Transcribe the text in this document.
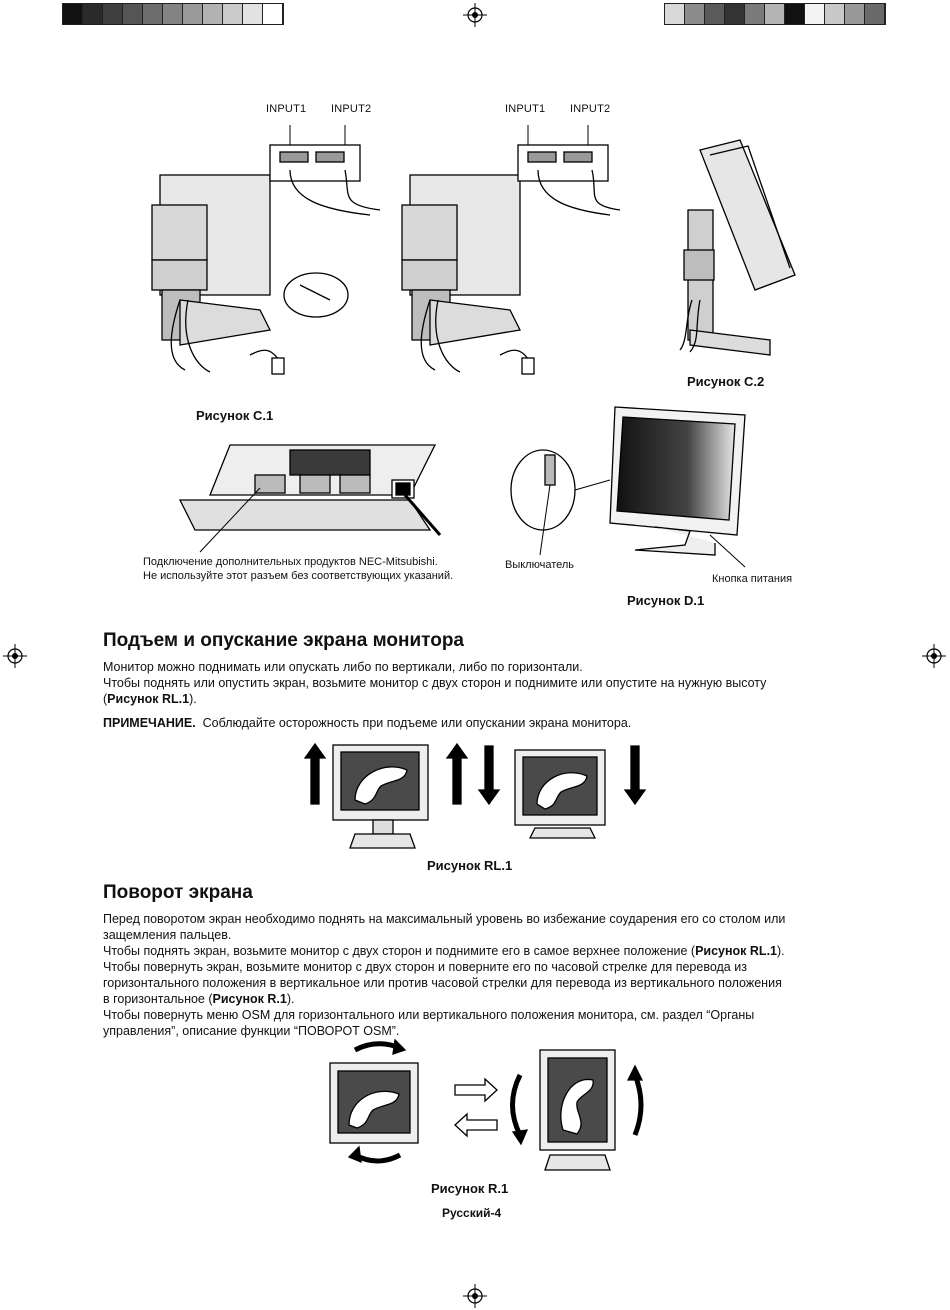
INPUT1 INPUT2	INPUT1 INPUT2
Рисунок C.1
Рисунок C.2
Подключение дополнительных продуктов NEC-Mitsubishi.
Не используйте этот разъем без соответствующих указаний.
Выключатель
Кнопка питания
Рисунок D.1
Подъем и опускание экрана монитора

Монитор можно поднимать или опускать либо по вертикали, либо по горизонтали.

Чтобы поднять или опустить экран, возьмите монитор с двух сторон и поднимите или опустите на нужную высоту

(Рисунок RL.1).

ПРИМЕЧАНИЕ. Соблюдайте осторожность при подъеме или опускании экрана монитора.

Рисунок RL.1
Поворот экрана

Перед поворотом экран необходимо поднять на максимальный уровень во избежание соударения его со столом или

защемления пальцев.

Чтобы поднять экран, возьмите монитор с двух сторон и поднимите его в самое верхнее положение (Рисунок RL.1).

Чтобы повернуть экран, возьмите монитор с двух сторон и поверните его по часовой стрелке для перевода из

горизонтального положения в вертикальное или против часовой стрелки для перевода из вертикального положения

в горизонтальное (Рисунок R.1).

Чтобы повернуть меню OSM для горизонтального или вертикального положения монитора, см. раздел “Органы

управления”, описание функции “ПОВОРОТ OSM”.

Рисунок R.1
Русский-4
